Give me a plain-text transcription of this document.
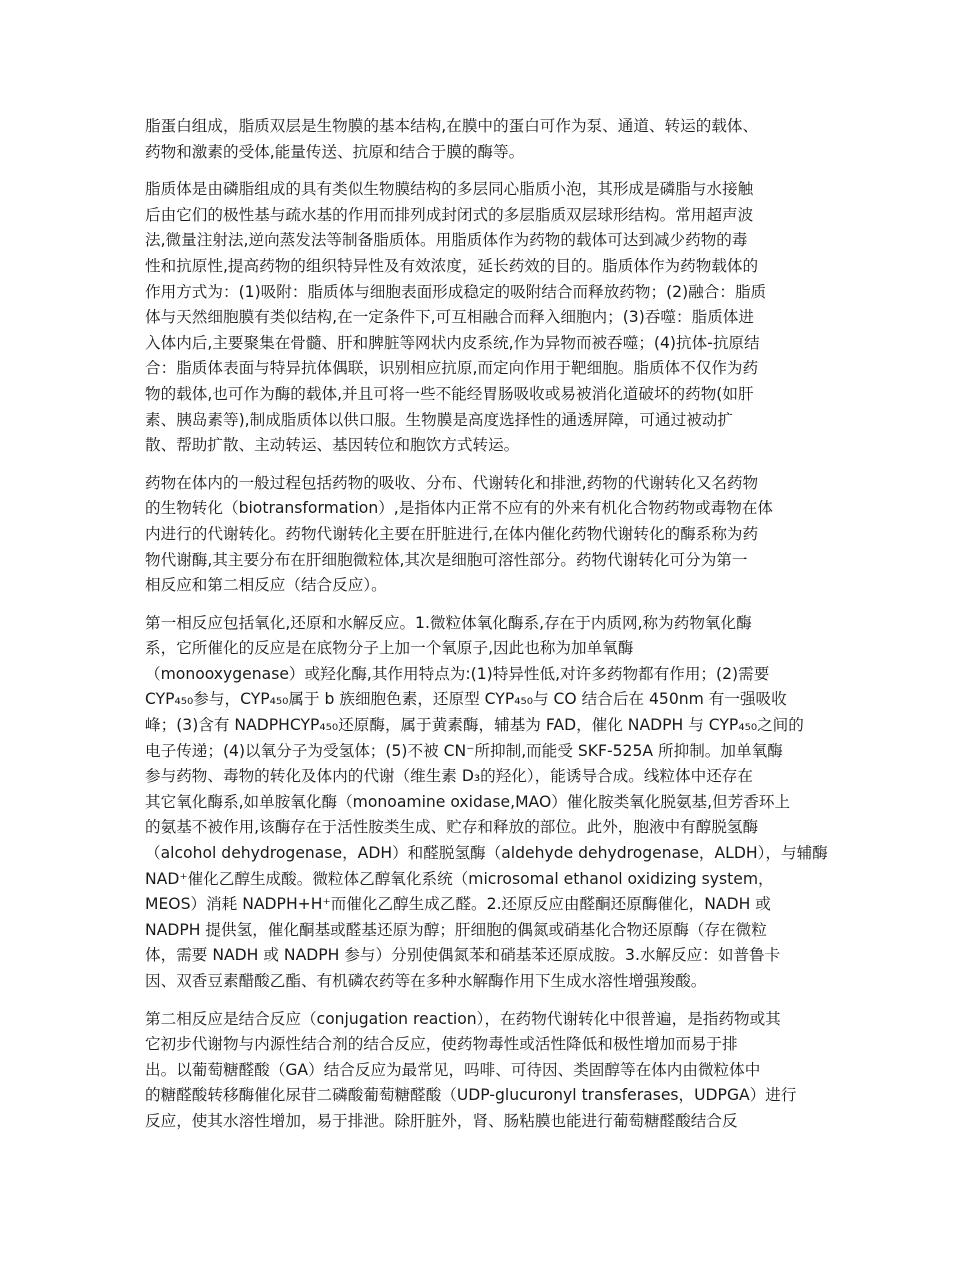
脂蛋白组成，脂质双层是生物膜的基本结构,在膜中的蛋白可作为泵、通道、转运的载体、
药物和激素的受体,能量传送、抗原和结合于膜的酶等。

脂质体是由磷脂组成的具有类似生物膜结构的多层同心脂质小泡，其形成是磷脂与水接触
后由它们的极性基与疏水基的作用而排列成封闭式的多层脂质双层球形结构。常用超声波
法,微量注射法,逆向蒸发法等制备脂质体。用脂质体作为药物的载体可达到减少药物的毒
性和抗原性,提高药物的组织特异性及有效浓度，延长药效的目的。脂质体作为药物载体的
作用方式为：(1)吸附：脂质体与细胞表面形成稳定的吸附结合而释放药物；(2)融合：脂质
体与天然细胞膜有类似结构,在一定条件下,可互相融合而释入细胞内；(3)吞噬：脂质体进
入体内后,主要聚集在骨髓、肝和脾脏等网状内皮系统,作为异物而被吞噬；(4)抗体-抗原结
合：脂质体表面与特异抗体偶联，识别相应抗原,而定向作用于靶细胞。脂质体不仅作为药
物的载体,也可作为酶的载体,并且可将一些不能经胃肠吸收或易被消化道破坏的药物(如肝
素、胰岛素等),制成脂质体以供口服。生物膜是高度选择性的通透屏障，可通过被动扩
散、帮助扩散、主动转运、基因转位和胞饮方式转运。

药物在体内的一般过程包括药物的吸收、分布、代谢转化和排泄,药物的代谢转化又名药物
的生物转化（biotransformation）,是指体内正常不应有的外来有机化合物药物或毒物在体
内进行的代谢转化。药物代谢转化主要在肝脏进行,在体内催化药物代谢转化的酶系称为药
物代谢酶,其主要分布在肝细胞微粒体,其次是细胞可溶性部分。药物代谢转化可分为第一
相反应和第二相反应（结合反应）。

第一相反应包括氧化,还原和水解反应。1.微粒体氧化酶系,存在于内质网,称为药物氧化酶
系，它所催化的反应是在底物分子上加一个氧原子,因此也称为加单氧酶
（monooxygenase）或羟化酶,其作用特点为:(1)特异性低,对许多药物都有作用；(2)需要
CYP₄₅₀参与，CYP₄₅₀属于 b 族细胞色素，还原型 CYP₄₅₀与 CO 结合后在 450nm 有一强吸收
峰；(3)含有 NADPHCYP₄₅₀还原酶，属于黄素酶，辅基为 FAD，催化 NADPH 与 CYP₄₅₀之间的
电子传递；(4)以氧分子为受氢体；(5)不被 CN⁻所抑制,而能受 SKF-525A 所抑制。加单氧酶
参与药物、毒物的转化及体内的代谢（维生素 D₃的羟化），能诱导合成。线粒体中还存在
其它氧化酶系,如单胺氧化酶（monoamine oxidase,MAO）催化胺类氧化脱氨基,但芳香环上
的氨基不被作用,该酶存在于活性胺类生成、贮存和释放的部位。此外，胞液中有醇脱氢酶
（alcohol dehydrogenase，ADH）和醛脱氢酶（aldehyde dehydrogenase，ALDH），与辅酶
NAD⁺催化乙醇生成酸。微粒体乙醇氧化系统（microsomal ethanol oxidizing system，
MEOS）消耗 NADPH+H⁺而催化乙醇生成乙醛。2.还原反应由醛酮还原酶催化，NADH 或
NADPH 提供氢，催化酮基或醛基还原为醇；肝细胞的偶氮或硝基化合物还原酶（存在微粒
体，需要 NADH 或 NADPH 参与）分别使偶氮苯和硝基苯还原成胺。3.水解反应：如普鲁卡
因、双香豆素醋酸乙酯、有机磷农药等在多种水解酶作用下生成水溶性增强羧酸。

第二相反应是结合反应（conjugation reaction），在药物代谢转化中很普遍，是指药物或其
它初步代谢物与内源性结合剂的结合反应，使药物毒性或活性降低和极性增加而易于排
出。以葡萄糖醛酸（GA）结合反应为最常见，吗啡、可待因、类固醇等在体内由微粒体中
的糖醛酸转移酶催化尿苷二磷酸葡萄糖醛酸（UDP-glucuronyl transferases，UDPGA）进行
反应，使其水溶性增加，易于排泄。除肝脏外，肾、肠粘膜也能进行葡萄糖醛酸结合反
